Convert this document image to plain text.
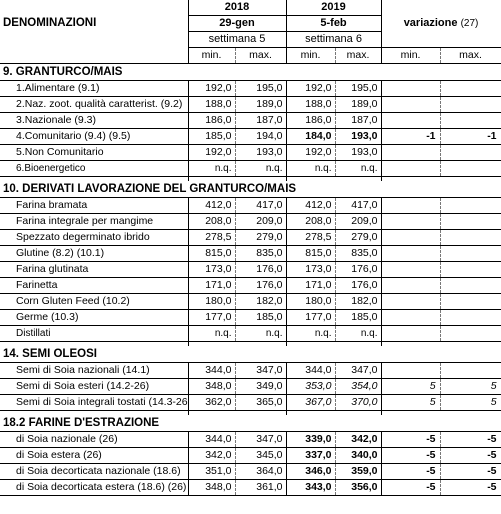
DENOMINAZIONI	2018		2019			
	29-gen		5-feb		variazione (27)	
	settimana 5		settimana 6			
	min.	max.	min.	max.	min.	max.
9. GRANTURCO/MAIS						
1.Alimentare (9.1)	192,0	195,0	192,0	195,0		
2.Naz. zoot. qualità caratterist. (9.2)	188,0	189,0	188,0	189,0		
3.Nazionale (9.3)	186,0	187,0	186,0	187,0		
4.Comunitario (9.4) (9.5)	185,0	194,0	184,0	193,0	-1	-1
5.Non Comunitario	192,0	193,0	192,0	193,0		
6.Bioenergetico	n.q.	n.q.	n.q.	n.q.		

10. DERIVATI LAVORAZIONE DEL GRANTURCO/MAIS						
Farina bramata	412,0	417,0	412,0	417,0		
Farina integrale per mangime	208,0	209,0	208,0	209,0		
Spezzato degerminato ibrido	278,5	279,0	278,5	279,0		
Glutine (8.2) (10.1)	815,0	835,0	815,0	835,0		
Farina glutinata	173,0	176,0	173,0	176,0		
Farinetta	171,0	176,0	171,0	176,0		
Corn Gluten Feed (10.2)	180,0	182,0	180,0	182,0		
Germe (10.3)	177,0	185,0	177,0	185,0		
Distillati	n.q.	n.q.	n.q.	n.q.		

14. SEMI OLEOSI						
Semi di Soia nazionali (14.1)	344,0	347,0	344,0	347,0		
Semi di Soia esteri (14.2-26)	348,0	349,0	353,0	354,0	5	5
Semi di Soia integrali tostati (14.3-26	362,0	365,0	367,0	370,0	5	5

18.2 FARINE D'ESTRAZIONE						
di Soia nazionale (26)	344,0	347,0	339,0	342,0	-5	-5
di Soia estera (26)	342,0	345,0	337,0	340,0	-5	-5
di Soia decorticata nazionale (18.6)	351,0	364,0	346,0	359,0	-5	-5
di Soia decorticata estera (18.6) (26)	348,0	361,0	343,0	356,0	-5	-5
